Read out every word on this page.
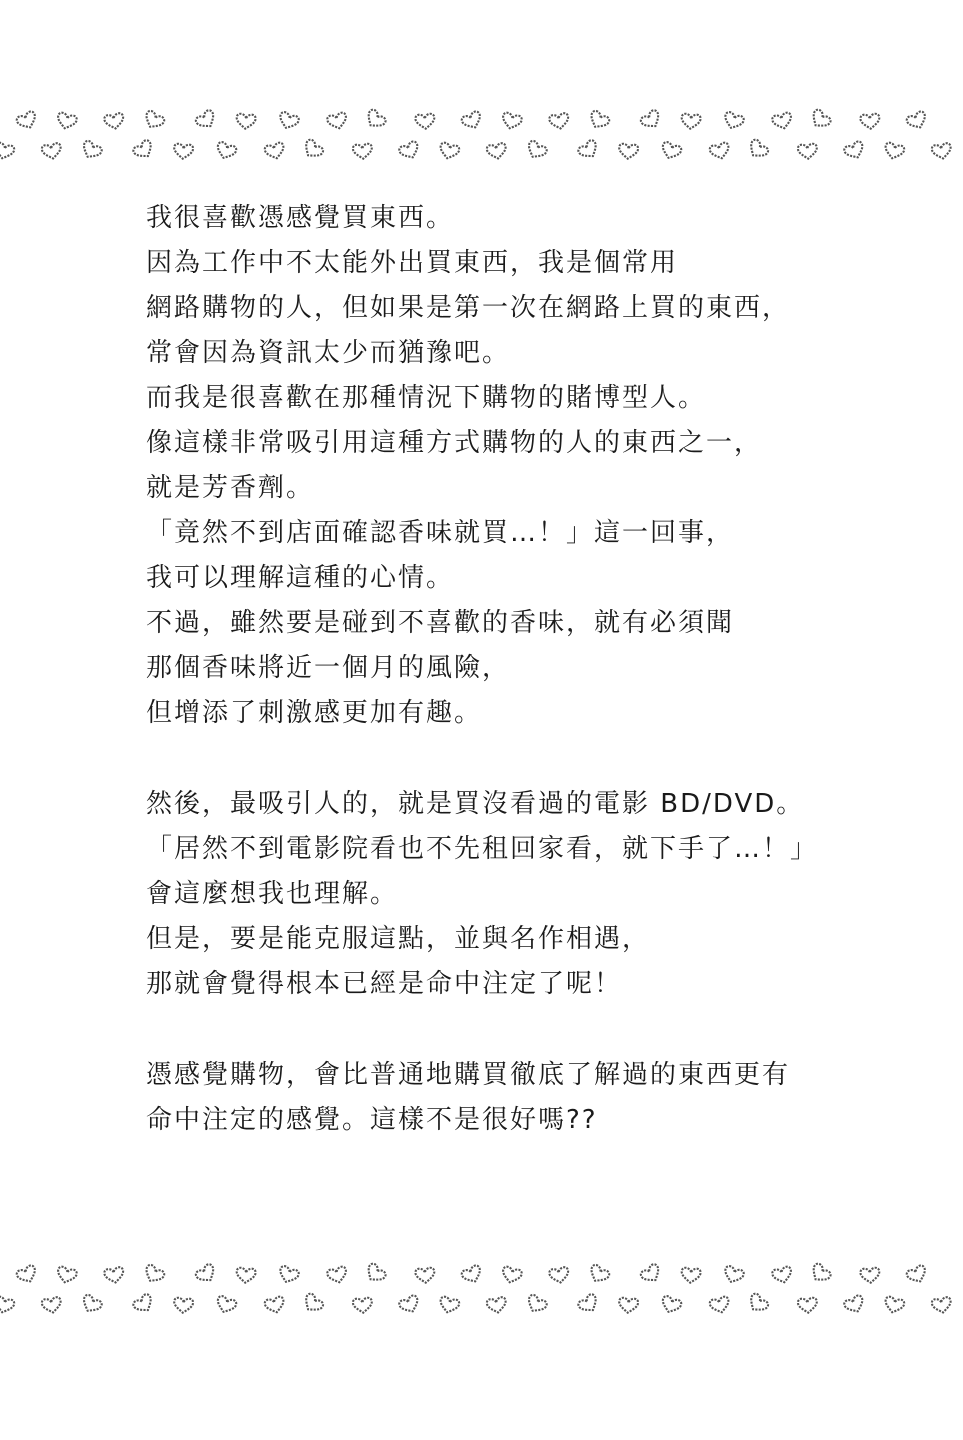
我很喜歡憑感覺買東西。
因為工作中不太能外出買東西，我是個常用
網路購物的人，但如果是第一次在網路上買的東西，
常會因為資訊太少而猶豫吧。
而我是很喜歡在那種情況下購物的賭博型人。
像這樣非常吸引用這種方式購物的人的東西之一，
就是芳香劑。
「竟然不到店面確認香味就買…！」這一回事，
我可以理解這種的心情。
不過，雖然要是碰到不喜歡的香味，就有必須聞
那個香味將近一個月的風險，
但增添了刺激感更加有趣。
然後，最吸引人的，就是買沒看過的電影 BD/DVD。
「居然不到電影院看也不先租回家看，就下手了…！」
會這麼想我也理解。
但是，要是能克服這點，並與名作相遇，
那就會覺得根本已經是命中注定了呢！
憑感覺購物，會比普通地購買徹底了解過的東西更有
命中注定的感覺。這樣不是很好嗎??
